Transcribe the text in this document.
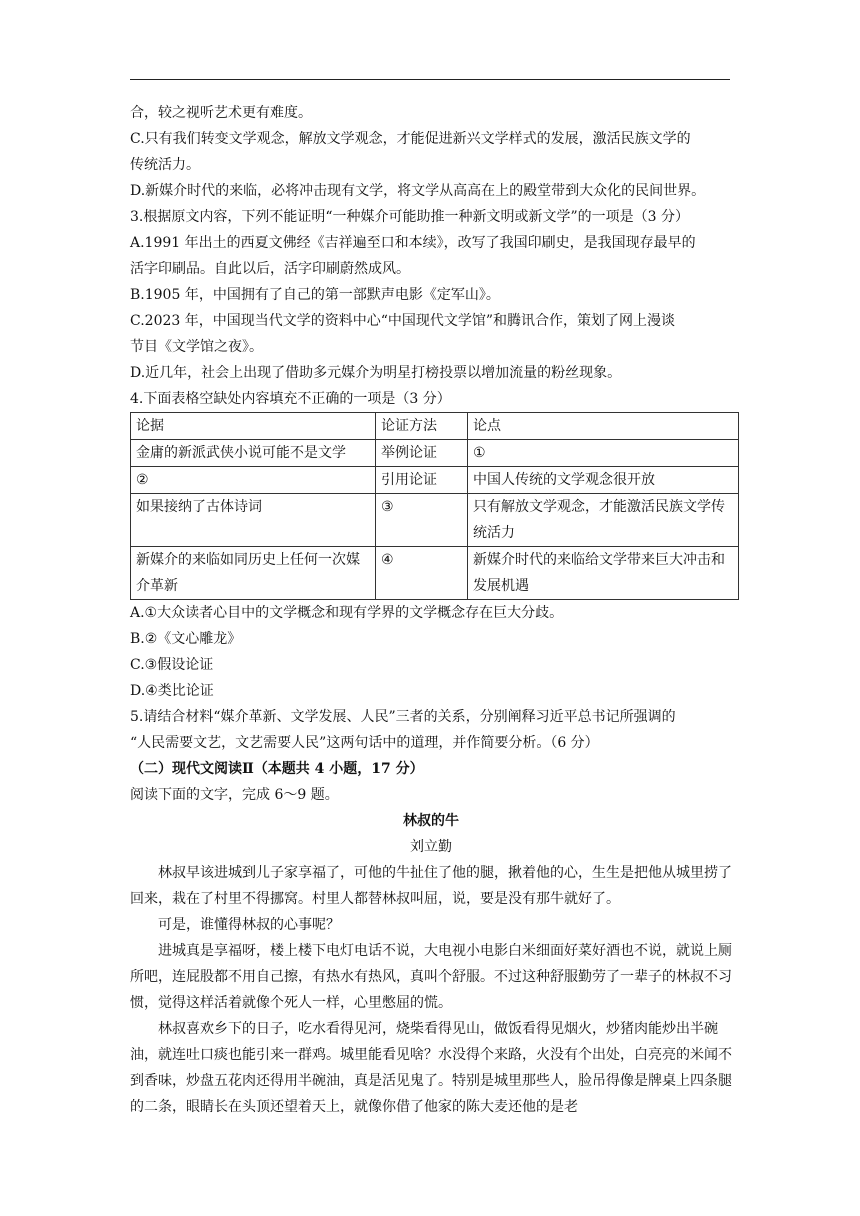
合，较之视听艺术更有难度。

C.只有我们转变文学观念，解放文学观念，才能促进新兴文学样式的发展，激活民族文学的

传统活力。

D.新媒介时代的来临，必将冲击现有文学，将文学从高高在上的殿堂带到大众化的民间世界。

3.根据原文内容，下列不能证明“一种媒介可能助推一种新文明或新文学”的一项是（3 分）

A.1991 年出土的西夏文佛经《吉祥遍至口和本续》，改写了我国印刷史，是我国现存最早的

活字印刷品。自此以后，活字印刷蔚然成风。

B.1905 年，中国拥有了自己的第一部默声电影《定军山》。

C.2023 年，中国现当代文学的资料中心“中国现代文学馆”和腾讯合作，策划了网上漫谈

节目《文学馆之夜》。

D.近几年，社会上出现了借助多元媒介为明星打榜投票以增加流量的粉丝现象。

4.下面表格空缺处内容填充不正确的一项是（3 分）

论据	论证方法	论点
金庸的新派武侠小说可能不是文学	举例论证	①
②	引用论证	中国人传统的文学观念很开放
如果接纳了古体诗词	③	只有解放文学观念，才能激活民族文学传统活力
新媒介的来临如同历史上任何一次媒介革新	④	新媒介时代的来临给文学带来巨大冲击和发展机遇

A.①大众读者心目中的文学概念和现有学界的文学概念存在巨大分歧。

B.②《文心雕龙》

C.③假设论证

D.④类比论证

5.请结合材料“媒介革新、文学发展、人民”三者的关系，分别阐释习近平总书记所强调的

“人民需要文艺，文艺需要人民”这两句话中的道理，并作简要分析。（6 分）

（二）现代文阅读Ⅱ（本题共 4 小题，17 分）

阅读下面的文字，完成 6～9 题。

林叔的牛

刘立勤

林叔早该进城到儿子家享福了，可他的牛扯住了他的腿，揪着他的心，生生是把他从城里捞了回来，栽在了村里不得挪窝。村里人都替林叔叫屈，说，要是没有那牛就好了。

可是，谁懂得林叔的心事呢？

进城真是享福呀，楼上楼下电灯电话不说，大电视小电影白米细面好菜好酒也不说，就说上厕所吧，连屁股都不用自己擦，有热水有热风，真叫个舒服。不过这种舒服勤劳了一辈子的林叔不习惯，觉得这样活着就像个死人一样，心里憋屈的慌。

林叔喜欢乡下的日子，吃水看得见河，烧柴看得见山，做饭看得见烟火，炒猪肉能炒出半碗油，就连吐口痰也能引来一群鸡。城里能看见啥？水没得个来路，火没有个出处，白亮亮的米闻不到香味，炒盘五花肉还得用半碗油，真是活见鬼了。特别是城里那些人，脸吊得像是牌桌上四条腿的二条，眼睛长在头顶还望着天上，就像你借了他家的陈大麦还他的是老
